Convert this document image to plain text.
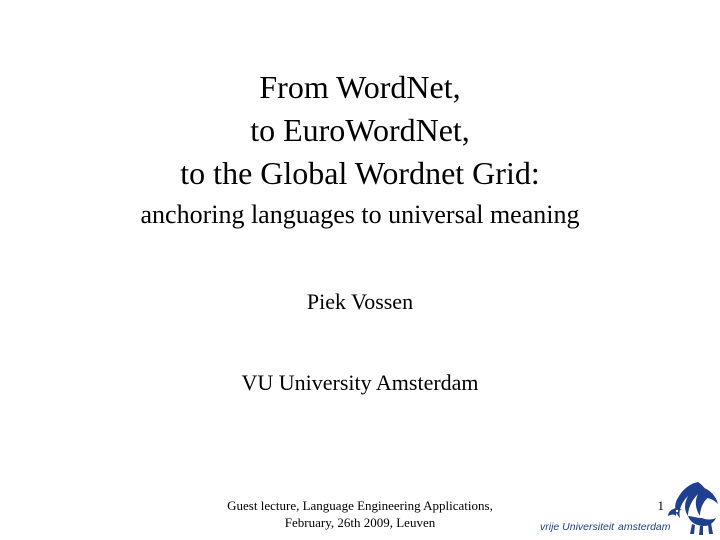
From WordNet,
to EuroWordNet,
to the Global Wordnet Grid:
anchoring languages to universal meaning
Piek Vossen
VU University Amsterdam
Guest lecture, Language Engineering Applications,
February, 26th 2009, Leuven
1
vrije Universiteit amsterdam
